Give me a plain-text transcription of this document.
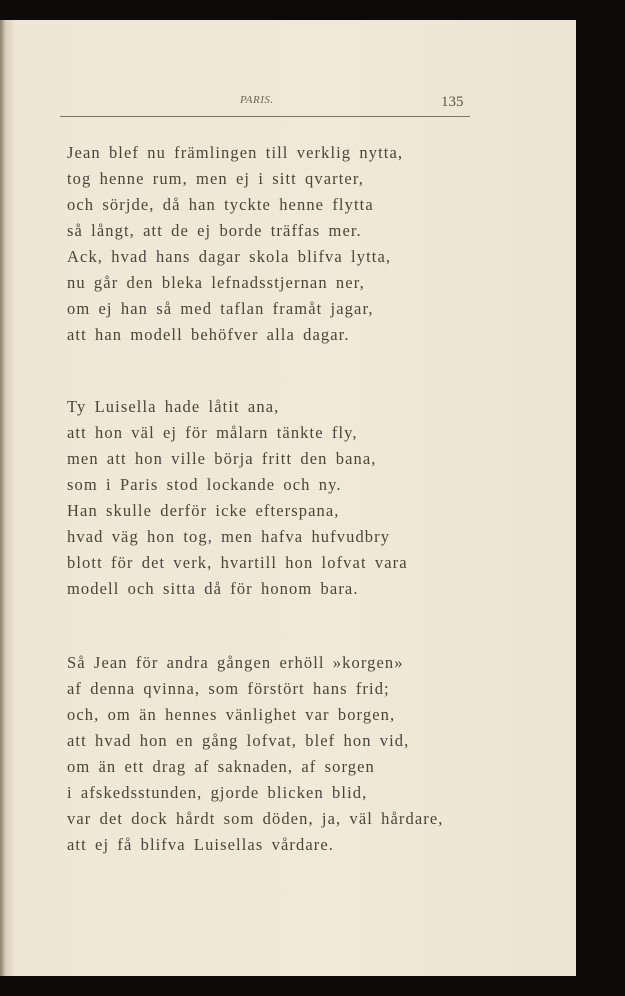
PARIS.	135
Jean blef nu främlingen till verklig nytta,
tog henne rum, men ej i sitt qvarter,
och sörjde, då han tyckte henne flytta
så långt, att de ej borde träffas mer.
Ack, hvad hans dagar skola blifva lytta,
nu går den bleka lefnadsstjernan ner,
om ej han så med taflan framåt jagar,
att han modell behöfver alla dagar.
Ty Luisella hade låtit ana,
att hon väl ej för målarn tänkte fly,
men att hon ville börja fritt den bana,
som i Paris stod lockande och ny.
Han skulle derför icke efterspana,
hvad väg hon tog, men hafva hufvudbry
blott för det verk, hvartill hon lofvat vara
modell och sitta då för honom bara.
Så Jean för andra gången erhöll »korgen»
af denna qvinna, som förstört hans frid;
och, om än hennes vänlighet var borgen,
att hvad hon en gång lofvat, blef hon vid,
om än ett drag af saknaden, af sorgen
i afskedsstunden, gjorde blicken blid,
var det dock hårdt som döden, ja, väl hårdare,
att ej få blifva Luisellas vårdare.
